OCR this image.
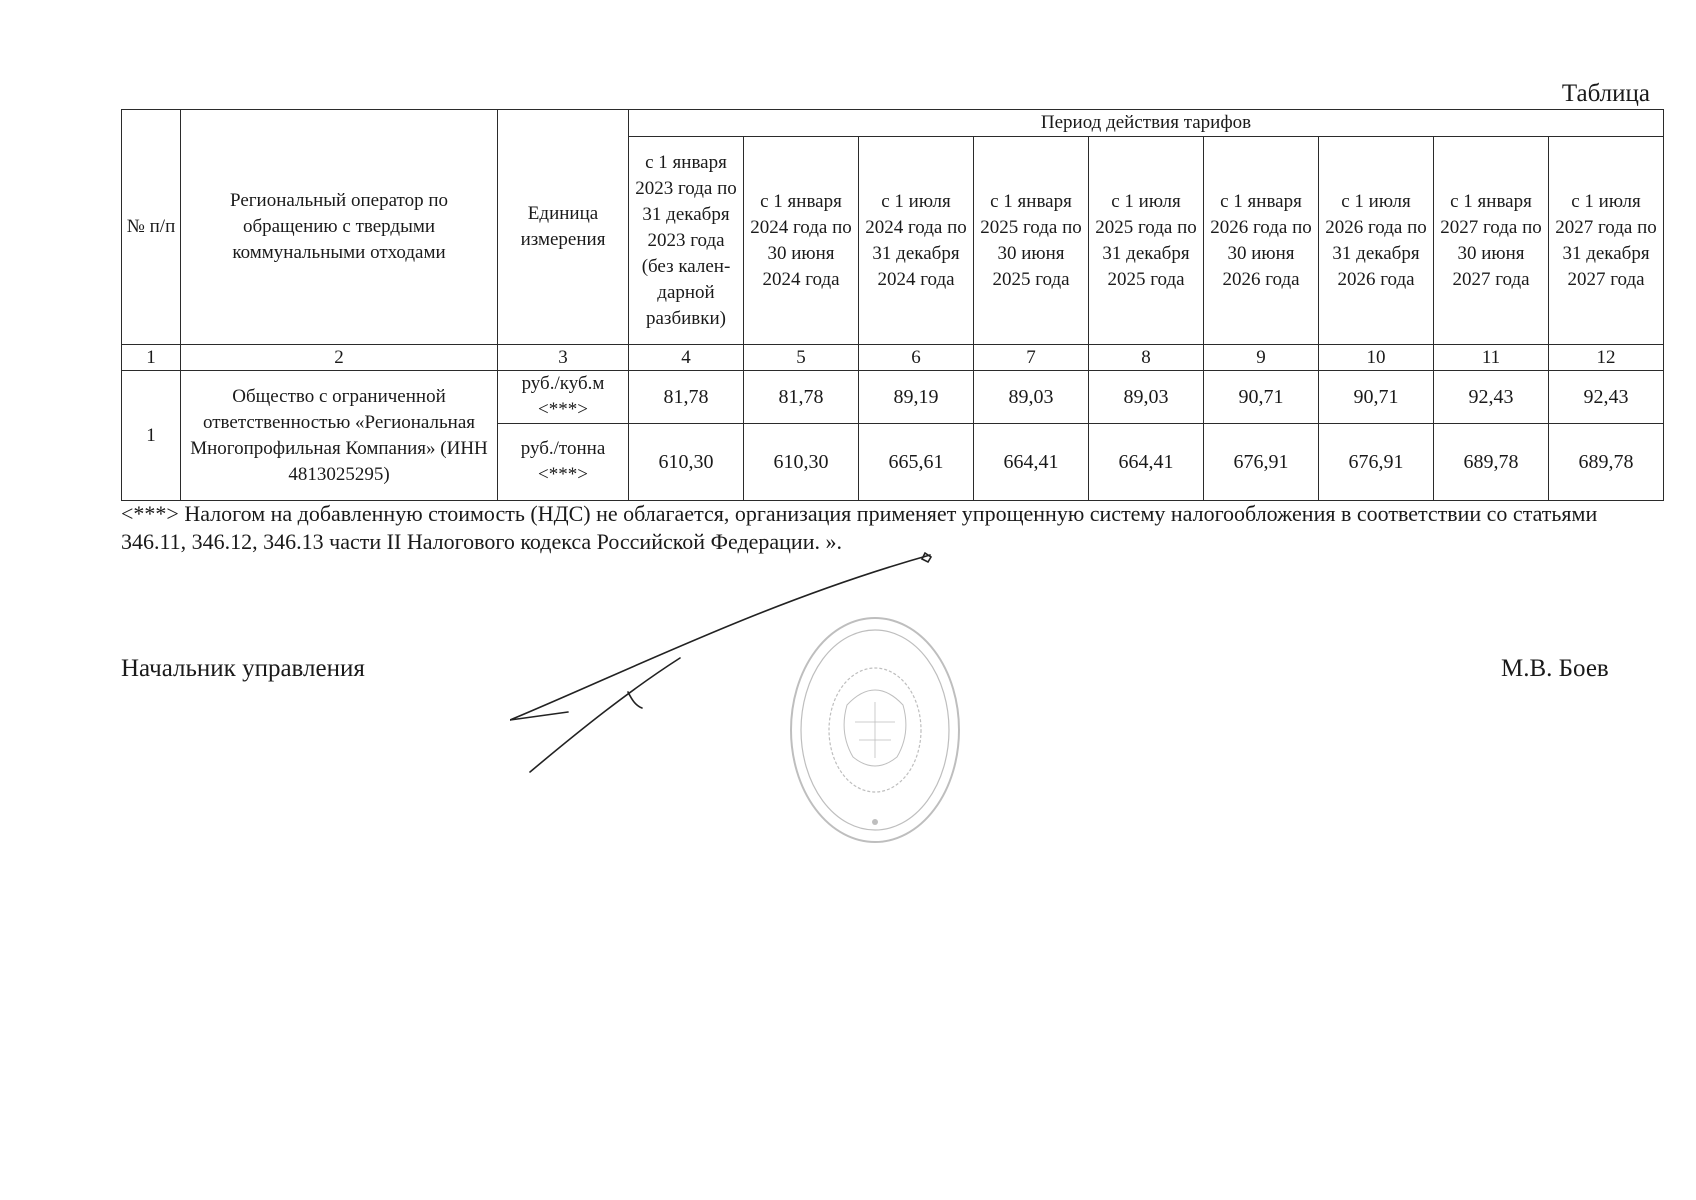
Таблица
№ п/п	Региональный оператор по обращению с твердыми коммунальными отходами	Единица измерения	Период действия тарифов								
			с 1 января 2023 года по 31 декабря 2023 года (без кален-дарной разбивки)	с 1 января 2024 года по 30 июня 2024 года	с 1 июля 2024 года по 31 декабря 2024 года	с 1 января 2025 года по 30 июня 2025 года	с 1 июля 2025 года по 31 декабря 2025 года	с 1 января 2026 года по 30 июня 2026 года	с 1 июля 2026 года по 31 декабря 2026 года	с 1 января 2027 года по 30 июня 2027 года	с 1 июля 2027 года по 31 декабря 2027 года
1	2	3	4	5	6	7	8	9	10	11	12
1	Общество с ограниченной ответственностью «Региональная Многопрофильная Компания» (ИНН 4813025295)	руб./куб.м <***>	81,78	81,78	89,19	89,03	89,03	90,71	90,71	92,43	92,43
		руб./тонна <***>	610,30	610,30	665,61	664,41	664,41	676,91	676,91	689,78	689,78
<***> Налогом на добавленную стоимость (НДС) не облагается, организация применяет упрощенную систему налогообложения в соответствии со статьями 346.11, 346.12, 346.13 части II Налогового кодекса Российской Федерации. ».
Начальник управления	М.В. Боев
